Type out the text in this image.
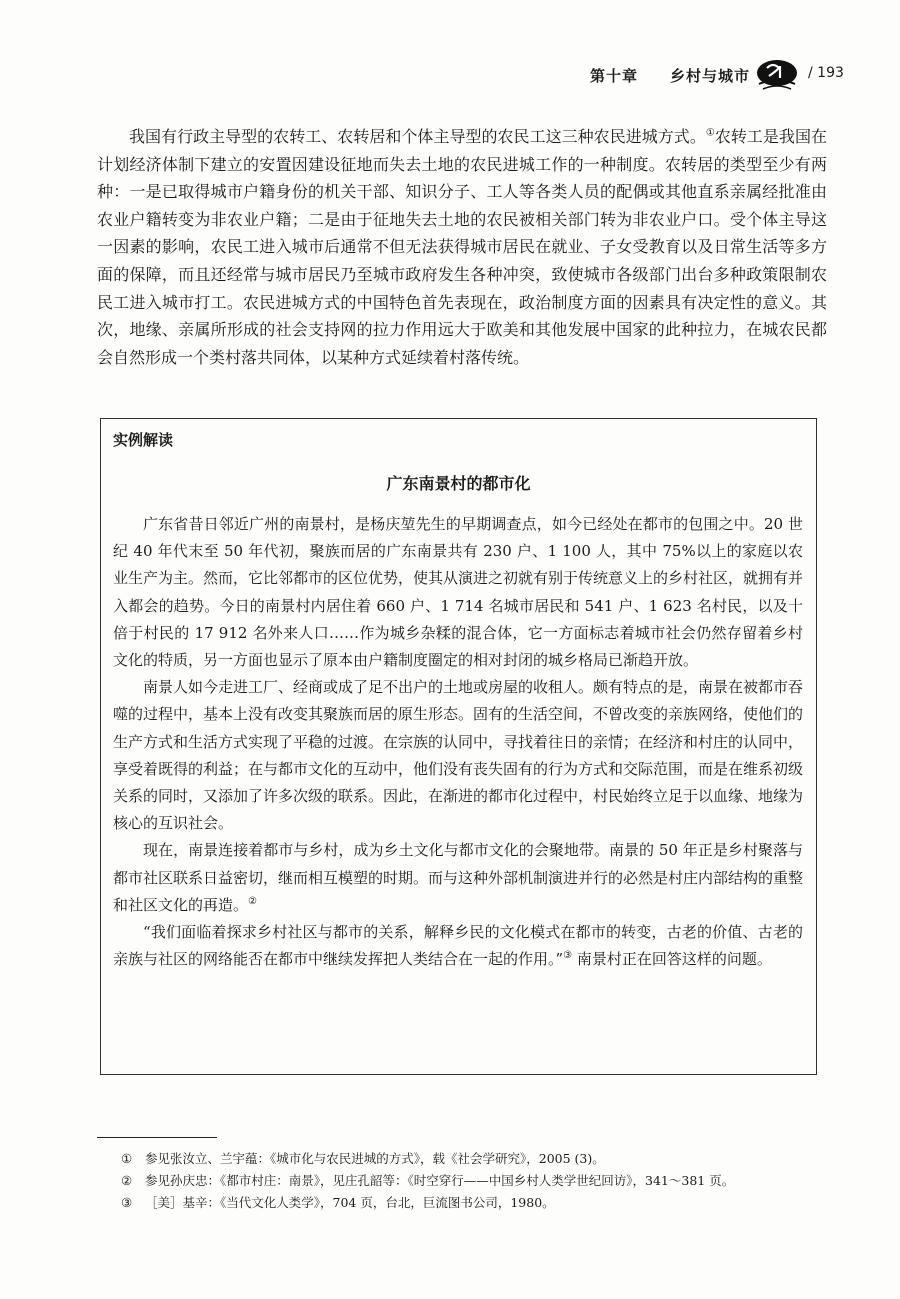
第十章 乡村与城市	/ 193

我国有行政主导型的农转工、农转居和个体主导型的农民工这三种农民进城方式。①农转工是我国在计划经济体制下建立的安置因建设征地而失去土地的农民进城工作的一种制度。农转居的类型至少有两种：一是已取得城市户籍身份的机关干部、知识分子、工人等各类人员的配偶或其他直系亲属经批准由农业户籍转变为非农业户籍；二是由于征地失去土地的农民被相关部门转为非农业户口。受个体主导这一因素的影响，农民工进入城市后通常不但无法获得城市居民在就业、子女受教育以及日常生活等多方面的保障，而且还经常与城市居民乃至城市政府发生各种冲突，致使城市各级部门出台多种政策限制农民工进入城市打工。农民进城方式的中国特色首先表现在，政治制度方面的因素具有决定性的意义。其次，地缘、亲属所形成的社会支持网的拉力作用远大于欧美和其他发展中国家的此种拉力，在城农民都会自然形成一个类村落共同体，以某种方式延续着村落传统。

实例解读
广东南景村的都市化

广东省昔日邻近广州的南景村，是杨庆堃先生的早期调查点，如今已经处在都市的包围之中。20 世纪 40 年代末至 50 年代初，聚族而居的广东南景共有 230 户、1 100 人，其中 75%以上的家庭以农业生产为主。然而，它比邻都市的区位优势，使其从演进之初就有别于传统意义上的乡村社区，就拥有并入都会的趋势。今日的南景村内居住着 660 户、1 714 名城市居民和 541 户、1 623 名村民，以及十倍于村民的 17 912 名外来人口……作为城乡杂糅的混合体，它一方面标志着城市社会仍然存留着乡村文化的特质，另一方面也显示了原本由户籍制度圈定的相对封闭的城乡格局已渐趋开放。

南景人如今走进工厂、经商或成了足不出户的土地或房屋的收租人。颇有特点的是，南景在被都市吞噬的过程中，基本上没有改变其聚族而居的原生形态。固有的生活空间，不曾改变的亲族网络，使他们的生产方式和生活方式实现了平稳的过渡。在宗族的认同中，寻找着往日的亲情；在经济和村庄的认同中，享受着既得的利益；在与都市文化的互动中，他们没有丧失固有的行为方式和交际范围，而是在维系初级关系的同时，又添加了许多次级的联系。因此，在渐进的都市化过程中，村民始终立足于以血缘、地缘为核心的互识社会。

现在，南景连接着都市与乡村，成为乡土文化与都市文化的会聚地带。南景的 50 年正是乡村聚落与都市社区联系日益密切，继而相互模塑的时期。而与这种外部机制演进并行的必然是村庄内部结构的重整和社区文化的再造。②

“我们面临着探求乡村社区与都市的关系，解释乡民的文化模式在都市的转变，古老的价值、古老的亲族与社区的网络能否在都市中继续发挥把人类结合在一起的作用。”③ 南景村正在回答这样的问题。

①	参见张汝立、兰宇蕴：《城市化与农民进城的方式》，载《社会学研究》，2005 (3)。
②	参见孙庆忠：《都市村庄：南景》，见庄孔韶等：《时空穿行——中国乡村人类学世纪回访》，341～381 页。
③	［美］基辛：《当代文化人类学》，704 页，台北，巨流图书公司，1980。
